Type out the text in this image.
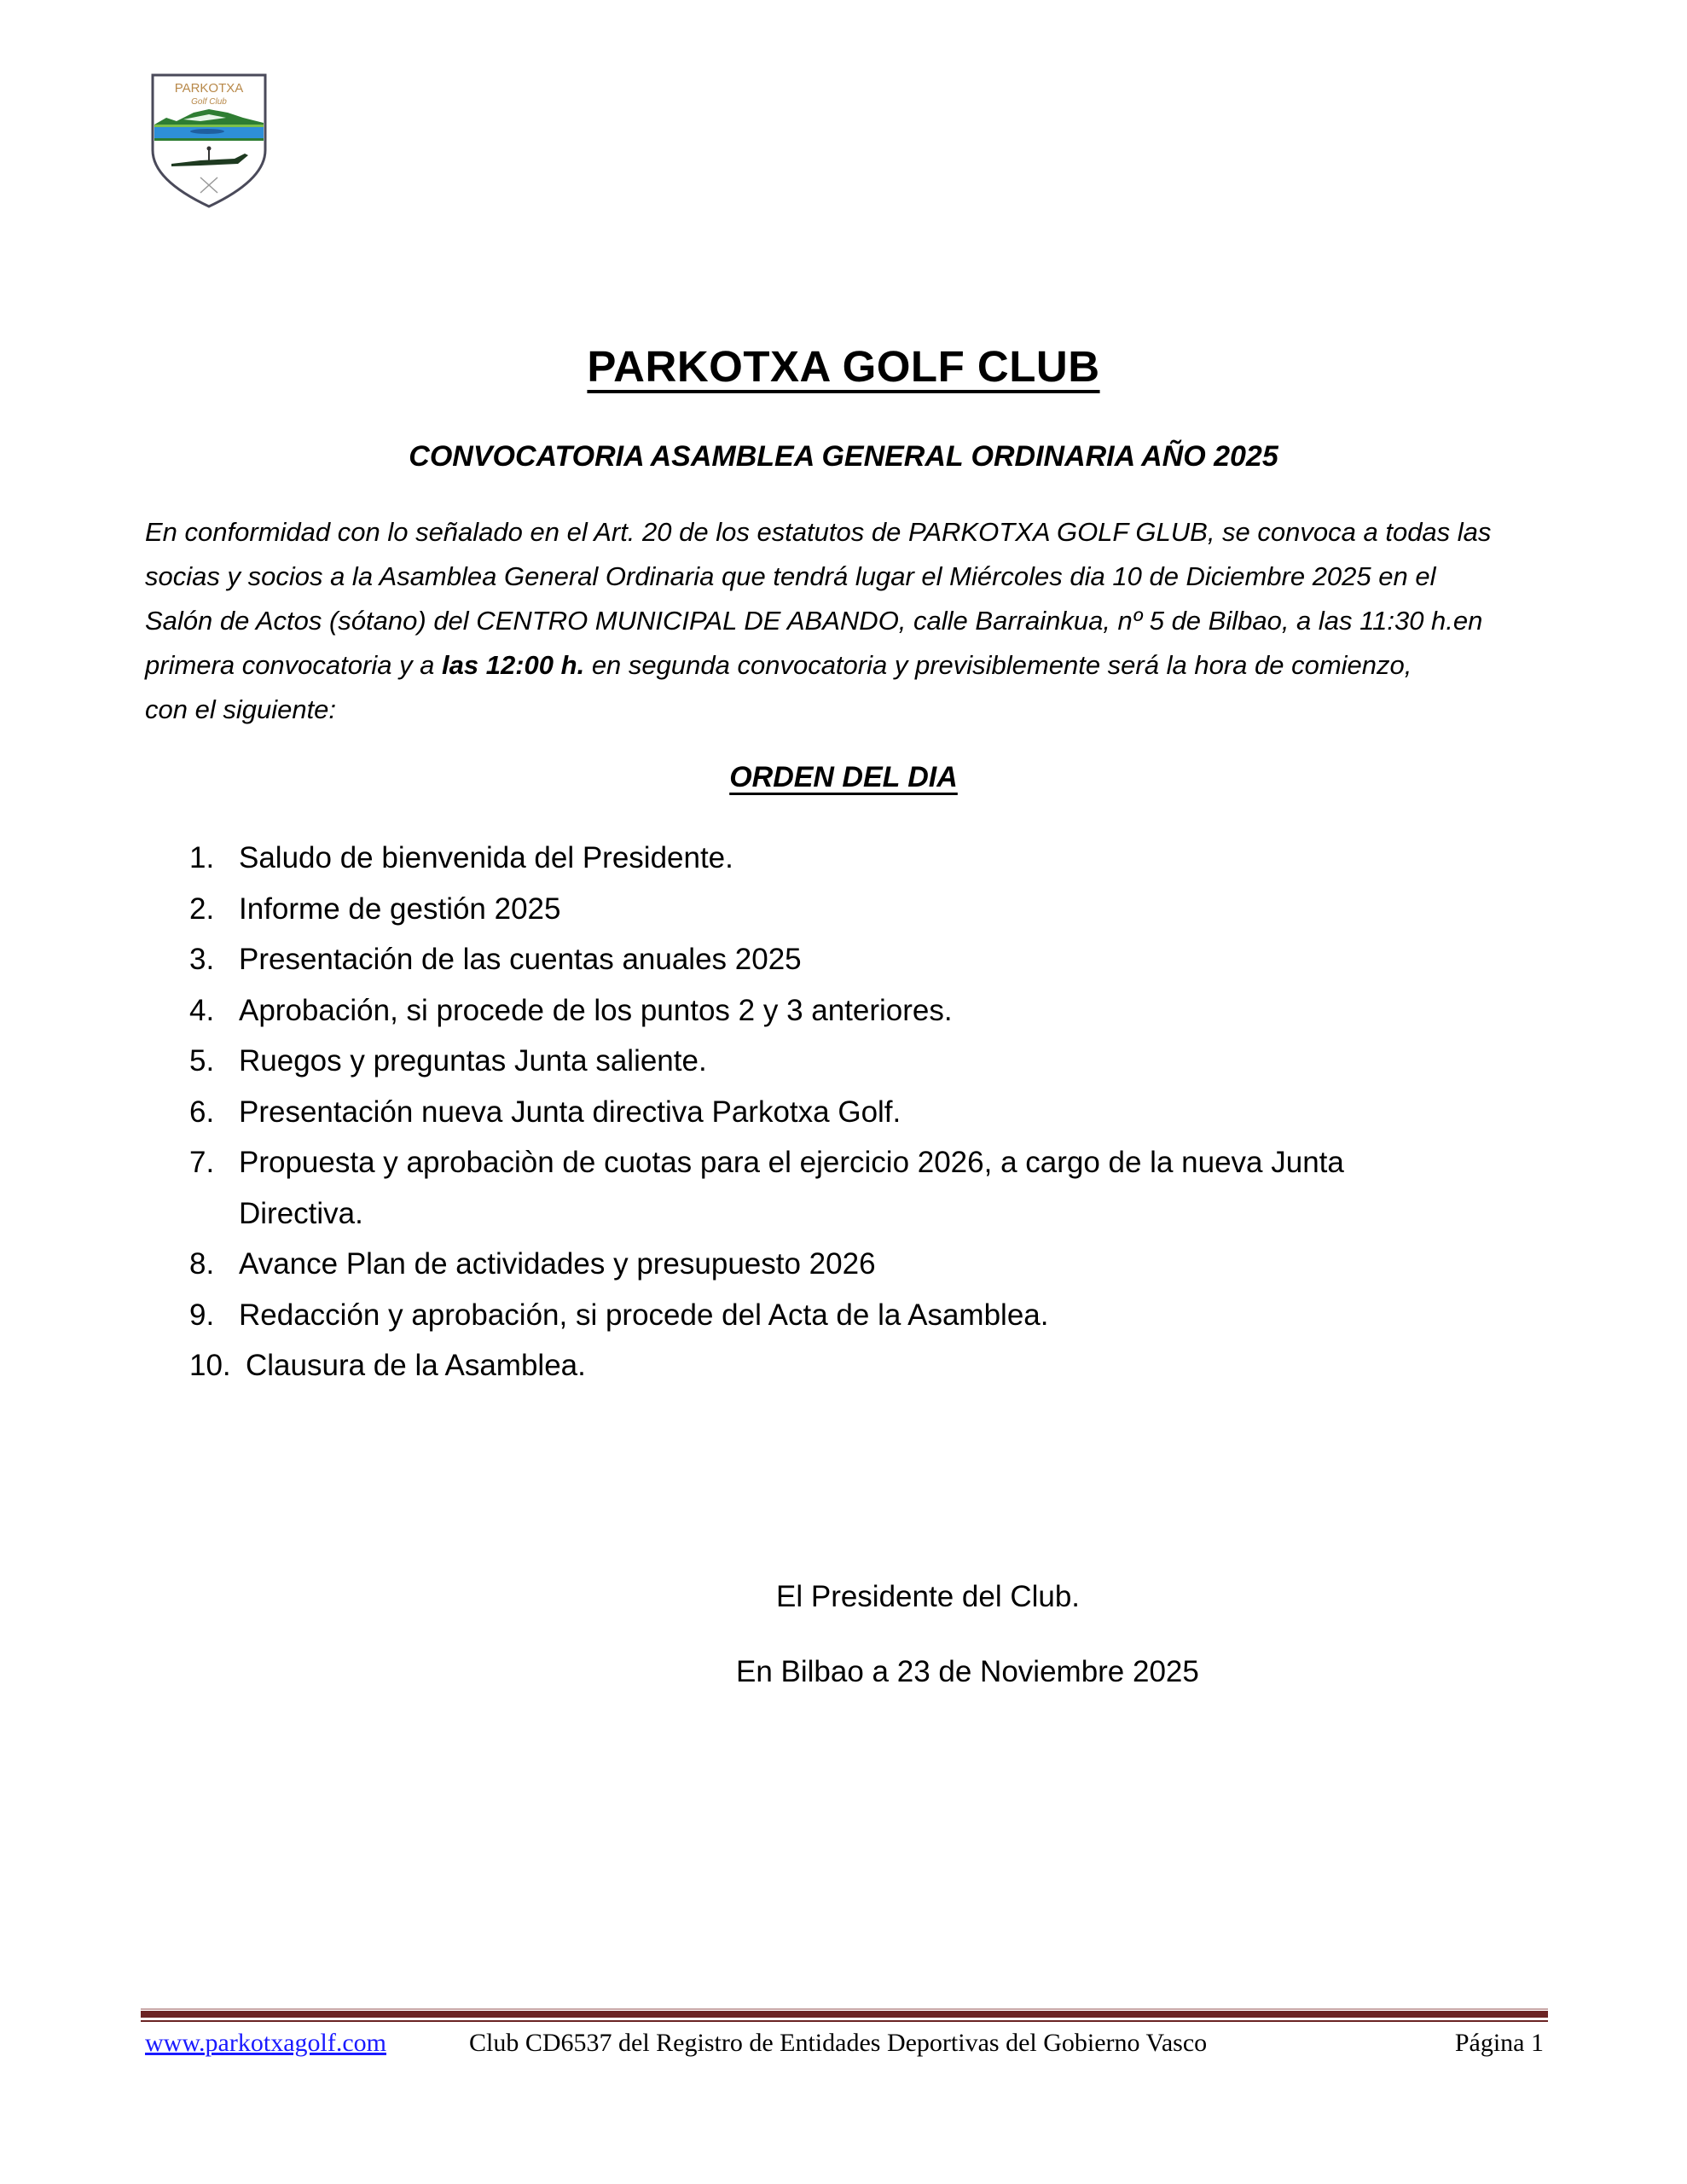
PARKOTXA
Golf Club
PARKOTXA GOLF CLUB
CONVOCATORIA ASAMBLEA GENERAL ORDINARIA AÑO 2025
En conformidad con lo señalado en el Art. 20 de los estatutos de PARKOTXA GOLF GLUB, se convoca a todas las
socias y socios a la Asamblea General Ordinaria que tendrá lugar el Miércoles dia 10 de Diciembre 2025 en el
Salón de Actos (sótano) del CENTRO MUNICIPAL DE ABANDO, calle Barrainkua, nº 5 de Bilbao, a las 11:30 h.en
primera convocatoria y a las 12:00 h. en segunda convocatoria y previsiblemente será la hora de comienzo,
con el siguiente:
ORDEN DEL DIA
1. Saludo de bienvenida del Presidente.
2. Informe de gestión 2025
3. Presentación de las cuentas anuales 2025
4. Aprobación, si procede de los puntos 2 y 3 anteriores.
5. Ruegos y preguntas Junta saliente.
6. Presentación nueva Junta directiva Parkotxa Golf.
7. Propuesta y aprobaciòn de cuotas para el ejercicio 2026, a cargo de la nueva Junta
Directiva.
8. Avance Plan de actividades y presupuesto 2026
9. Redacción y aprobación, si procede del Acta de la Asamblea.
10. Clausura de la Asamblea.
El Presidente del Club.
En Bilbao a 23 de Noviembre 2025
www.parkotxagolf.com	Club CD6537 del Registro de Entidades Deportivas del Gobierno Vasco	Página 1
